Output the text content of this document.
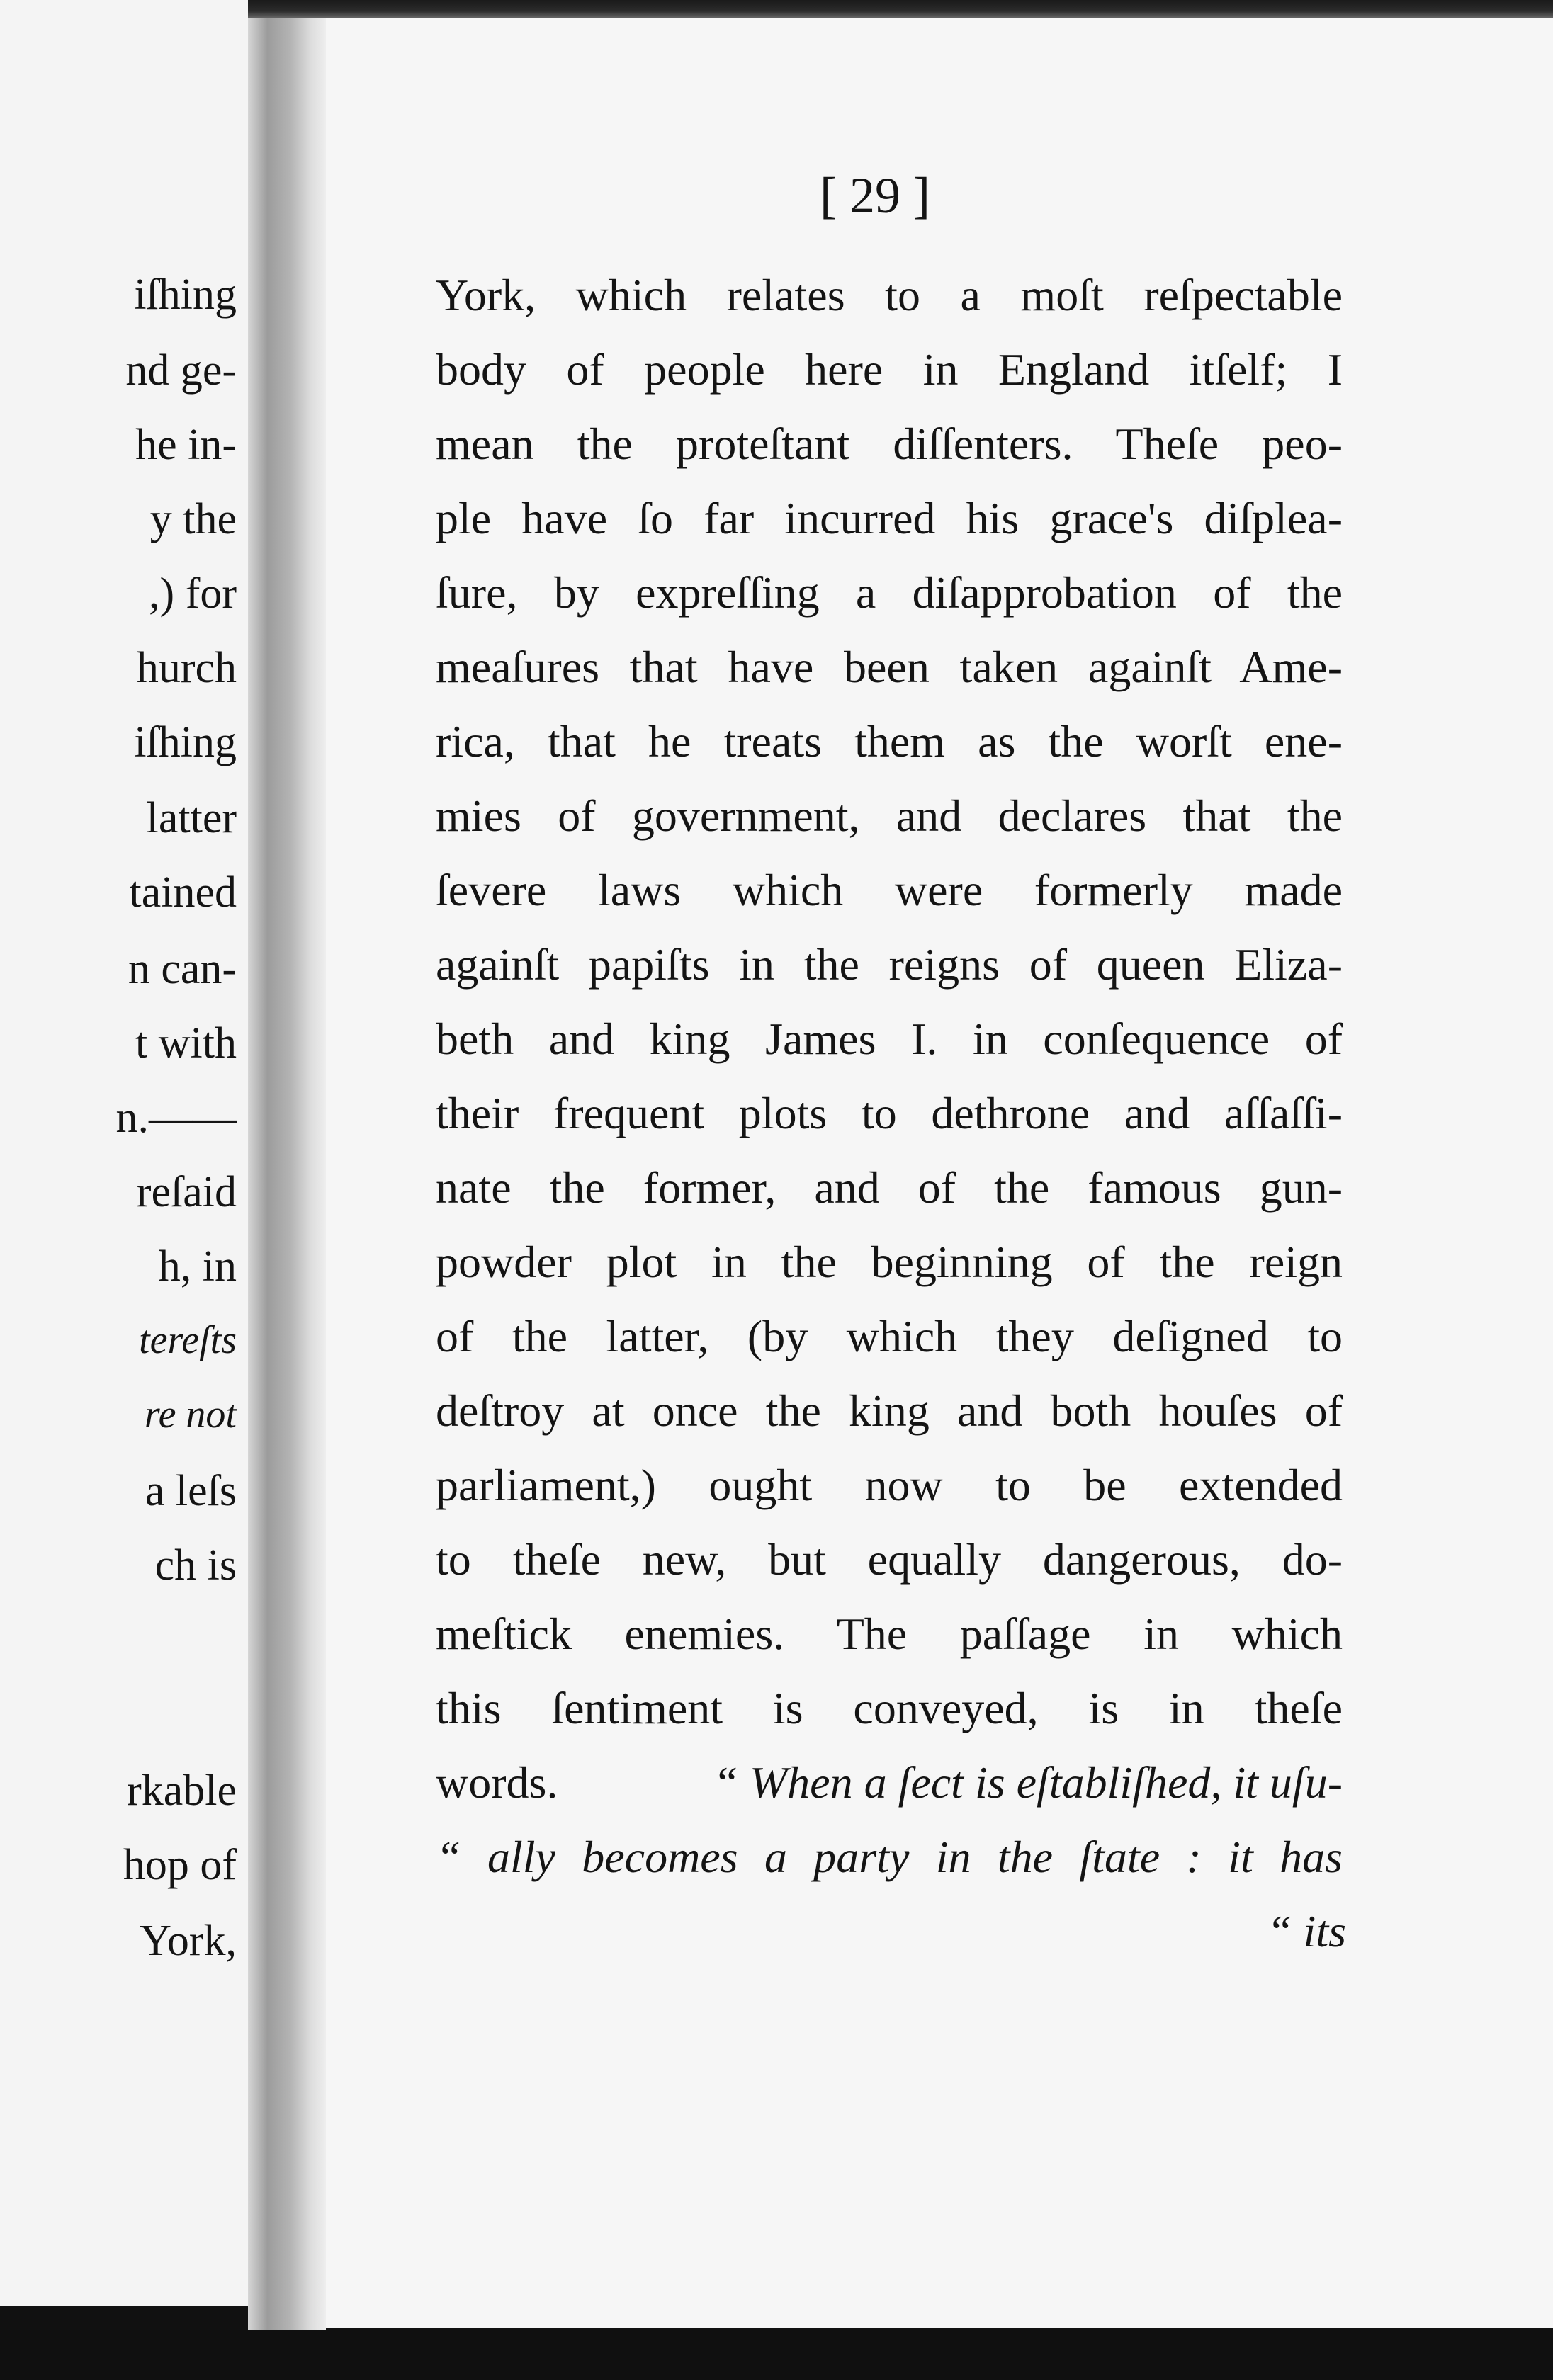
iſhing
nd ge-
he in-
y the
,) for
hurch
iſhing
latter
tained
n can-
t with
n.——
reſaid
h, in
tereſts
re not
a leſs
ch is
rkable
hop of
York,
[ 29 ]
York, which relates to a moſt reſpectable
body of people here in England itſelf; I
mean the proteſtant diſſenters. Theſe peo-
ple have ſo far incurred his grace's diſplea-
ſure, by expreſſing a diſapprobation of the
meaſures that have been taken againſt Ame-
rica, that he treats them as the worſt ene-
mies of government, and declares that the
ſevere laws which were formerly made
againſt papiſts in the reigns of queen Eliza-
beth and king James I. in conſequence of
their frequent plots to dethrone and aſſaſſi-
nate the former, and of the famous gun-
powder plot in the beginning of the reign
of the latter, (by which they deſigned to
deſtroy at once the king and both houſes of
parliament,) ought now to be extended
to theſe new, but equally dangerous, do-
meſtick enemies. The paſſage in which
this ſentiment is conveyed, is in theſe
words.	“ When a ſect is eſtabliſhed, it uſu-
“ ally becomes a party in the ſtate : it has
“ its
